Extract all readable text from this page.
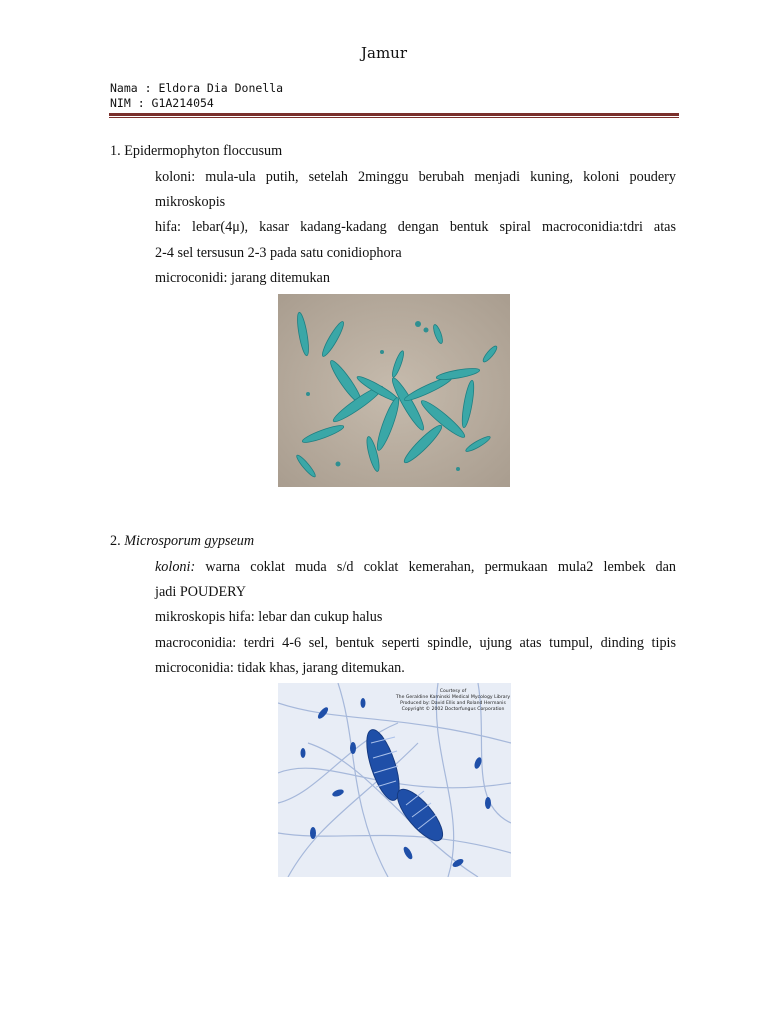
Jamur
Nama : Eldora Dia Donella
NIM : G1A214054
1. Epidermophyton floccusum
koloni: mula-ula putih, setelah 2minggu berubah menjadi kuning, koloni poudery
mikroskopis
hifa: lebar(4μ), kasar kadang-kadang dengan bentuk spiral macroconidia:tdri atas
2-4 sel tersusun 2-3 pada satu conidiophora
microconidi: jarang ditemukan
2. Microsporum gypseum
koloni: warna coklat muda s/d coklat kemerahan, permukaan mula2 lembek dan
jadi POUDERY
mikroskopis hifa: lebar dan cukup halus
macroconidia: terdri 4-6 sel, bentuk seperti spindle, ujung atas tumpul, dinding tipis
microconidia: tidak khas, jarang ditemukan.
Courtesy of
The Geraldine Kaminski Medical Mycology Library
Produced by: David Ellis and Roland Hermanis
Copyright © 2002 Doctorfungus Corporation
